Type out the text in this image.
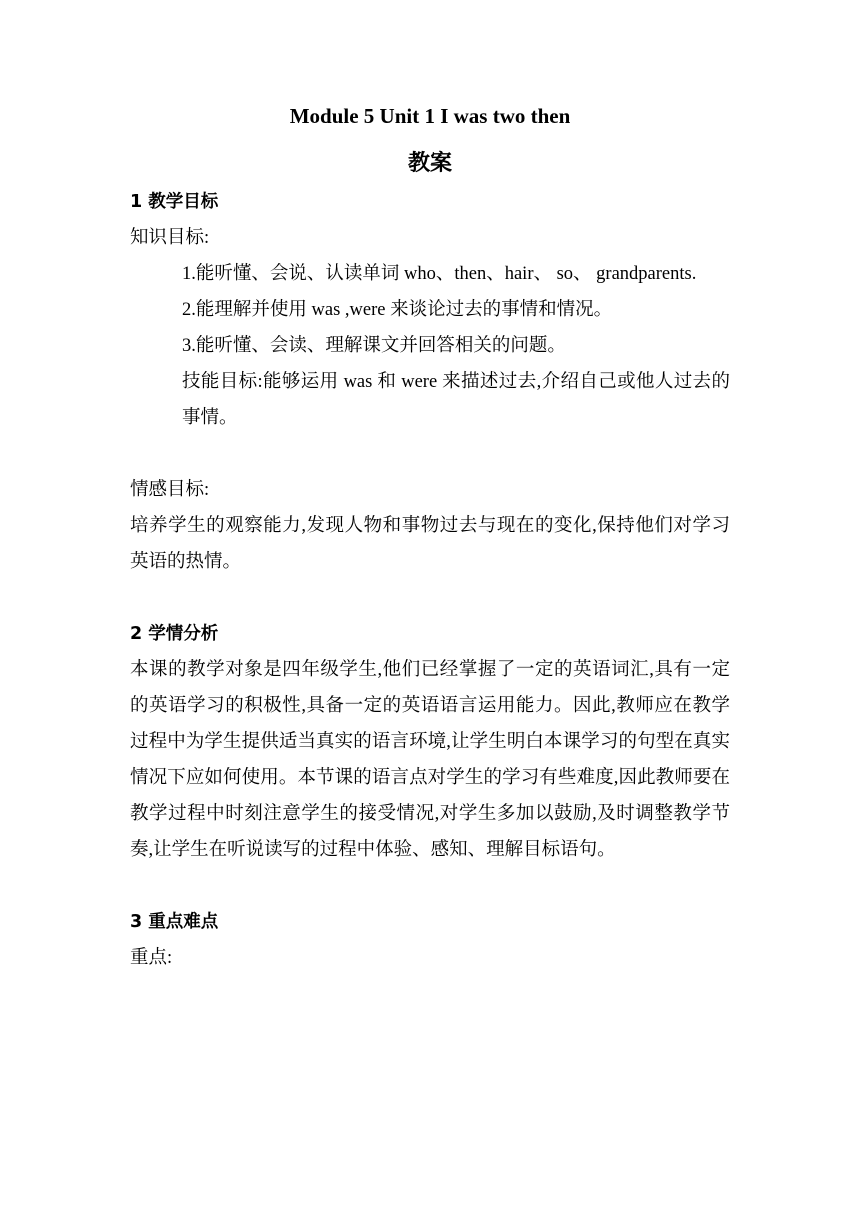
Module 5 Unit 1 I was two then
教案
1 教学目标
知识目标:
1.能听懂、会说、认读单词 who、then、hair、 so、 grandparents.
2.能理解并使用 was ,were 来谈论过去的事情和情况。
3.能听懂、会读、理解课文并回答相关的问题。
技能目标:能够运用 was 和 were 来描述过去,介绍自己或他人过去的事情。
情感目标:
培养学生的观察能力,发现人物和事物过去与现在的变化,保持他们对学习英语的热情。
2 学情分析
本课的教学对象是四年级学生,他们已经掌握了一定的英语词汇,具有一定的英语学习的积极性,具备一定的英语语言运用能力。因此,教师应在教学过程中为学生提供适当真实的语言环境,让学生明白本课学习的句型在真实情况下应如何使用。本节课的语言点对学生的学习有些难度,因此教师要在教学过程中时刻注意学生的接受情况,对学生多加以鼓励,及时调整教学节奏,让学生在听说读写的过程中体验、感知、理解目标语句。
3 重点难点
重点:
